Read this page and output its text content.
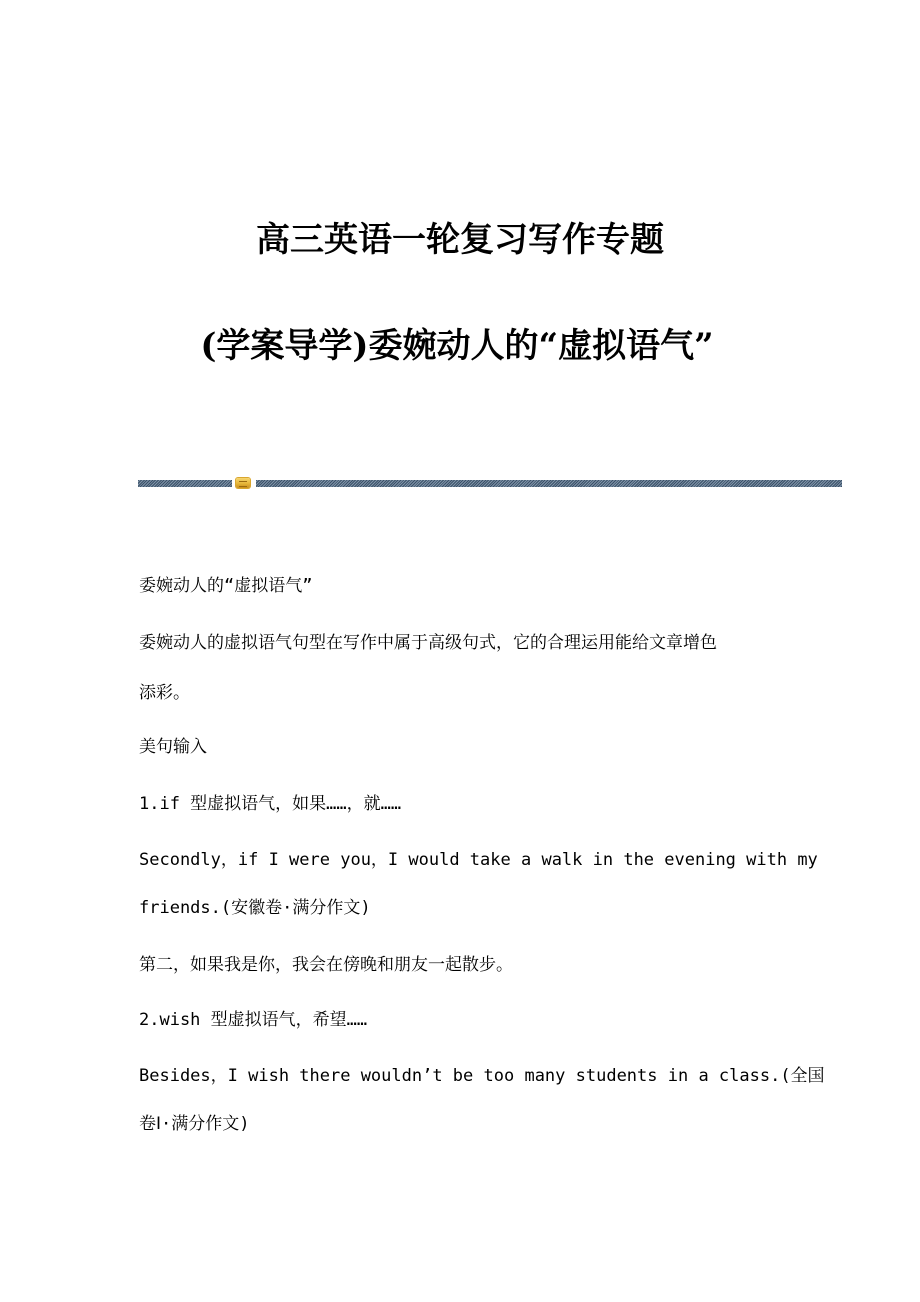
高三英语一轮复习写作专题
(学案导学)委婉动人的“虚拟语气”
委婉动人的“虚拟语气”
委婉动人的虚拟语气句型在写作中属于高级句式，它的合理运用能给文章增色
添彩。
美句输入
1.if 型虚拟语气，如果……，就……
Secondly，if I were you，I would take a walk in the evening with my
friends.(安徽卷·满分作文)
第二，如果我是你，我会在傍晚和朋友一起散步。
2.wish 型虚拟语气，希望……
Besides，I wish there wouldn’t be too many students in a class.(全国
卷Ⅰ·满分作文)
